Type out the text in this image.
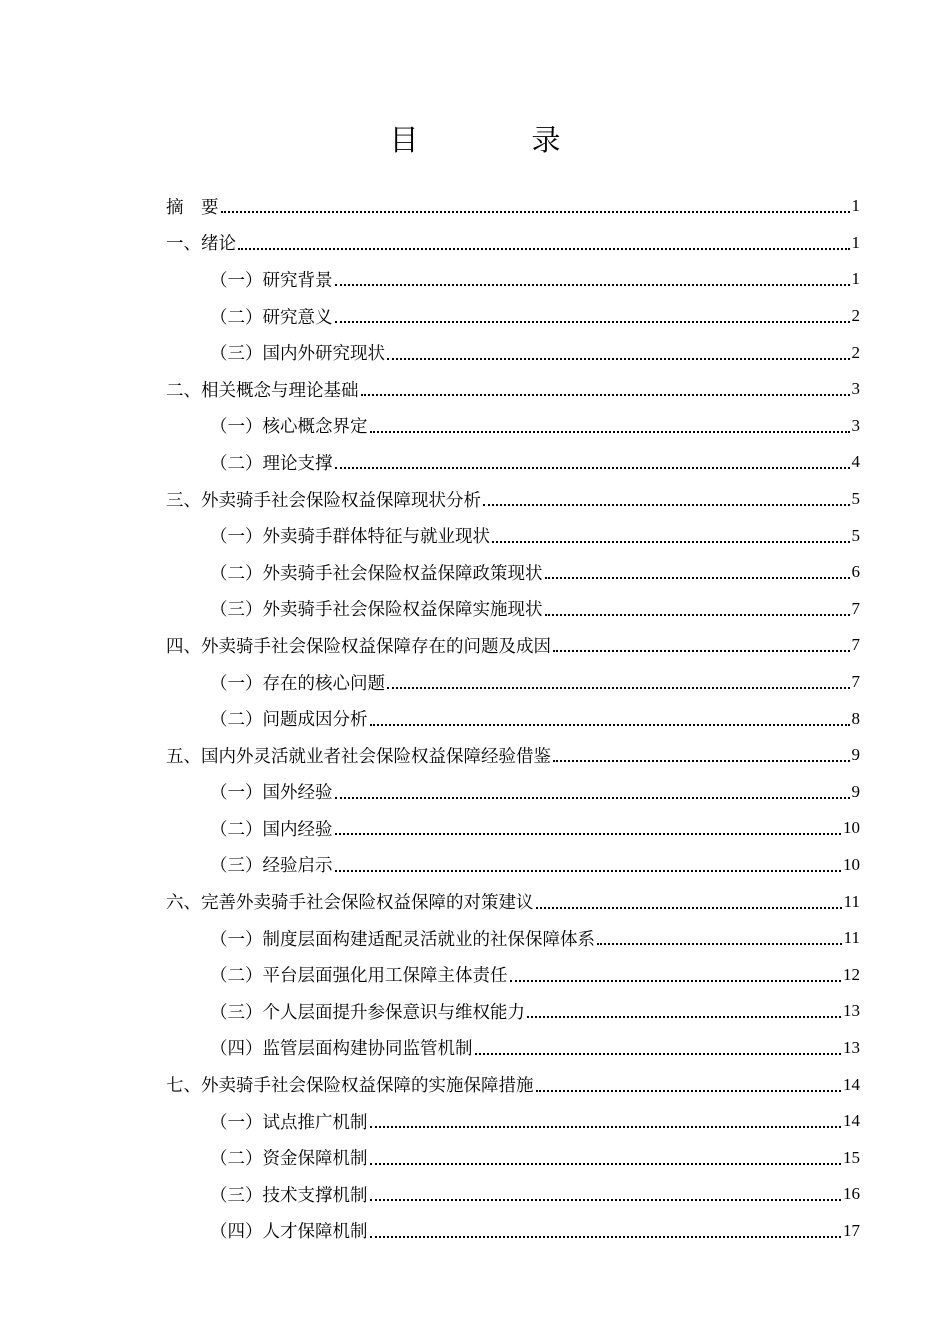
目　录
摘　要	1
一、绪论	1
（一）研究背景	1
（二）研究意义	2
（三）国内外研究现状	2
二、相关概念与理论基础	3
（一）核心概念界定	3
（二）理论支撑	4
三、外卖骑手社会保险权益保障现状分析	5
（一）外卖骑手群体特征与就业现状	5
（二）外卖骑手社会保险权益保障政策现状	6
（三）外卖骑手社会保险权益保障实施现状	7
四、外卖骑手社会保险权益保障存在的问题及成因	7
（一）存在的核心问题	7
（二）问题成因分析	8
五、国内外灵活就业者社会保险权益保障经验借鉴	9
（一）国外经验	9
（二）国内经验	10
（三）经验启示	10
六、完善外卖骑手社会保险权益保障的对策建议	11
（一）制度层面构建适配灵活就业的社保保障体系	11
（二）平台层面强化用工保障主体责任	12
（三）个人层面提升参保意识与维权能力	13
（四）监管层面构建协同监管机制	13
七、外卖骑手社会保险权益保障的实施保障措施	14
（一）试点推广机制	14
（二）资金保障机制	15
（三）技术支撑机制	16
（四）人才保障机制	17
